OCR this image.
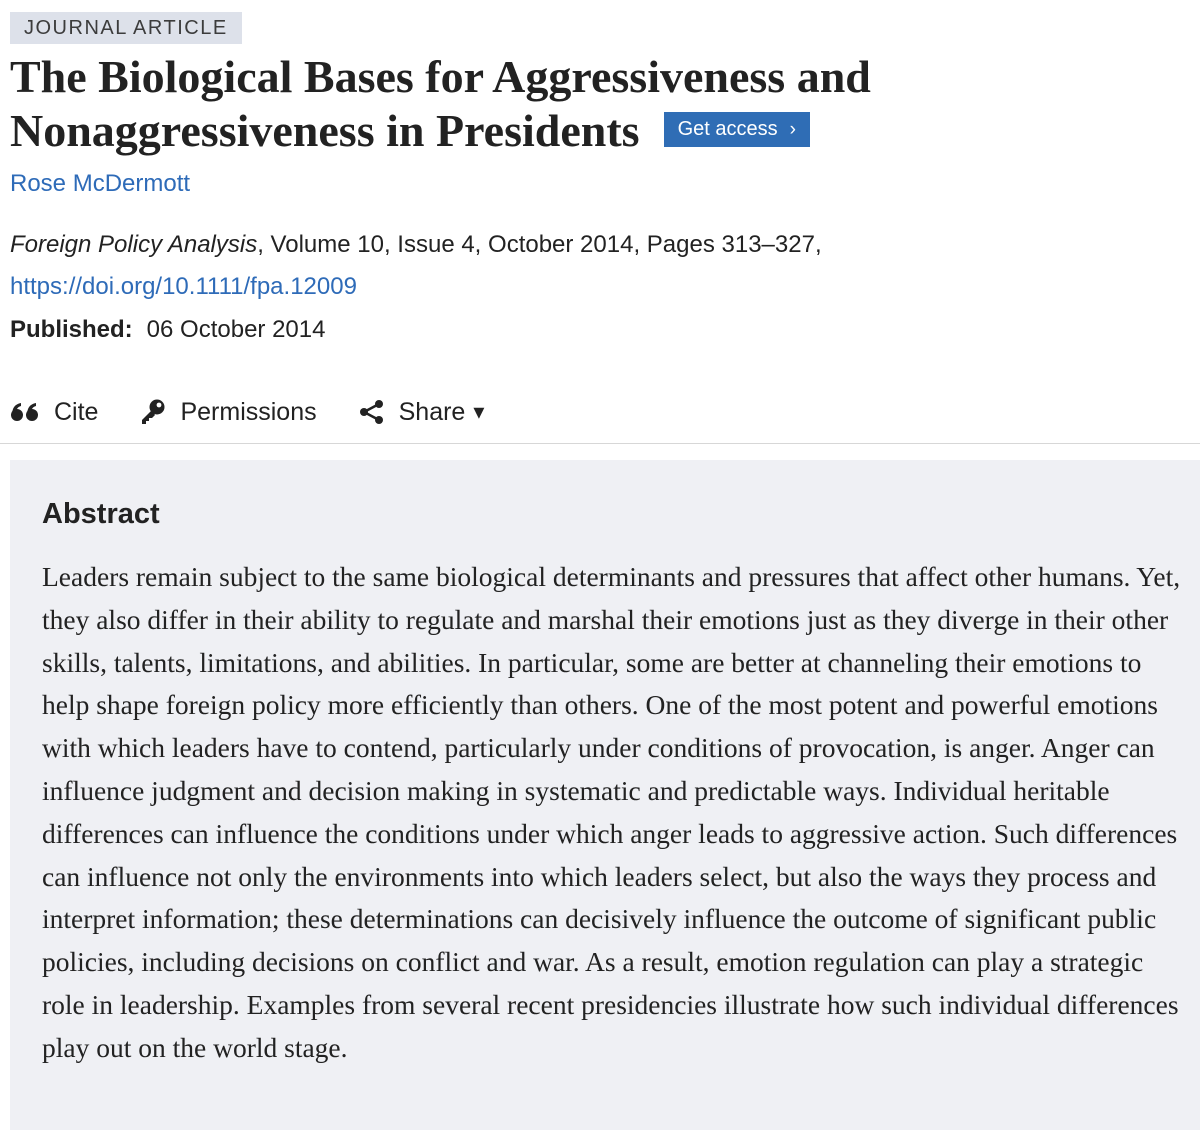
JOURNAL ARTICLE
The Biological Bases for Aggressiveness and
Nonaggressiveness in Presidents Get access ›
Rose McDermott
Foreign Policy Analysis, Volume 10, Issue 4, October 2014, Pages 313–327,
https://doi.org/10.1111/fpa.12009
Published: 06 October 2014
Cite	Permissions	Share ▾
Abstract

Leaders remain subject to the same biological determinants and pressures that affect other humans. Yet, they also differ in their ability to regulate and marshal their emotions just as they diverge in their other skills, talents, limitations, and abilities. In particular, some are better at channeling their emotions to help shape foreign policy more efficiently than others. One of the most potent and powerful emotions with which leaders have to contend, particularly under conditions of provocation, is anger. Anger can influence judgment and decision making in systematic and predictable ways. Individual heritable differences can influence the conditions under which anger leads to aggressive action. Such differences can influence not only the environments into which leaders select, but also the ways they process and interpret information; these determinations can decisively influence the outcome of significant public policies, including decisions on conflict and war. As a result, emotion regulation can play a strategic role in leadership. Examples from several recent presidencies illustrate how such individual differences play out on the world stage.
